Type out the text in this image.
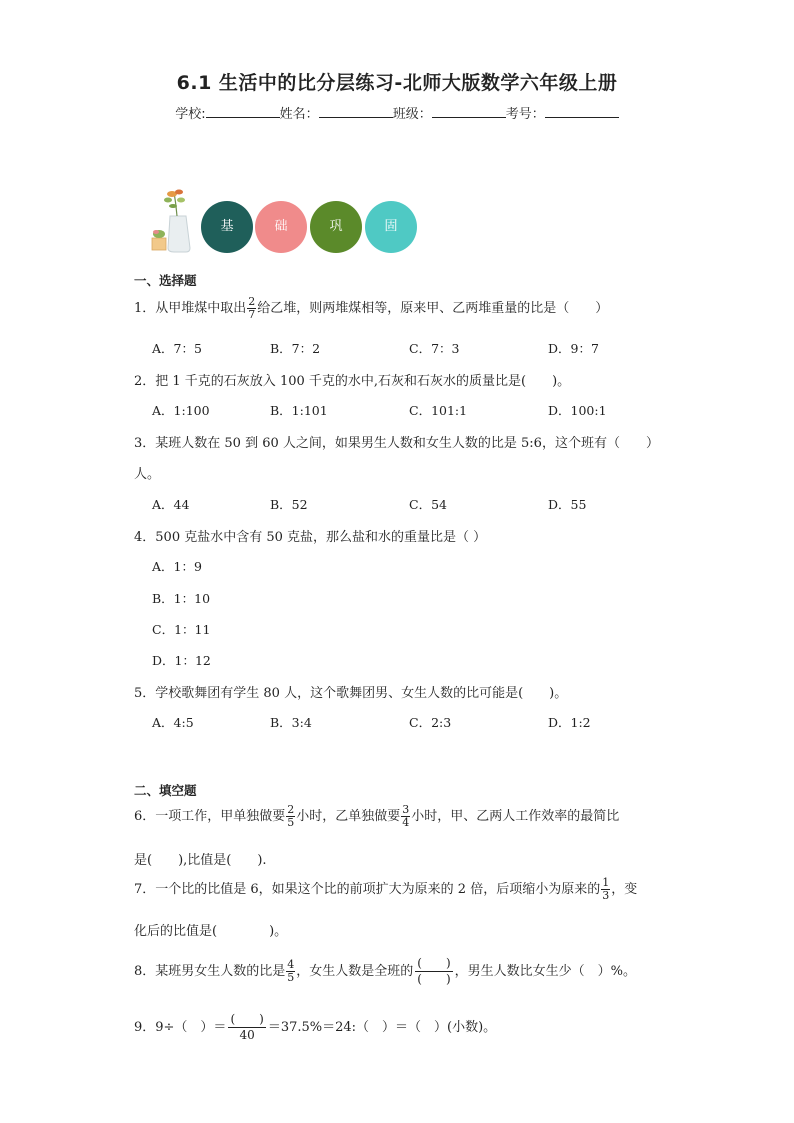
6.1 生活中的比分层练习-北师大版数学六年级上册
学校:	姓名：	班级：	考号：
基	础	巩	固
一、选择题
1．从甲堆煤中取出 $\frac{2}{7}$ 给乙堆，则两堆煤相等，原来甲、乙两堆重量的比是（　　）
A．7：5	B．7：2	C．7：3	D．9：7
2．把 1 千克的石灰放入 100 千克的水中,石灰和石灰水的质量比是(　　)。
A．1:100	B．1:101	C．101:1	D．100:1
3．某班人数在 50 到 60 人之间，如果男生人数和女生人数的比是 5:6，这个班有（　　）
人。
A．44	B．52	C．54	D．55
4．500 克盐水中含有 50 克盐，那么盐和水的重量比是（ ）
A．1：9
B．1：10
C．1：11
D．1：12
5．学校歌舞团有学生 80 人，这个歌舞团男、女生人数的比可能是(　　)。
A．4:5	B．3:4	C．2:3	D．1:2
二、填空题
6．一项工作，甲单独做要 $\frac{2}{5}$ 小时，乙单独做要 $\frac{3}{4}$ 小时，甲、乙两人工作效率的最简比
是(　　),比值是(　　).
7．一个比的比值是 6，如果这个比的前项扩大为原来的 2 倍，后项缩小为原来的 $\frac{1}{3}$ ，变
化后的比值是(　　　　)。
8．某班男女生人数的比是 $\frac{4}{5}$ ，女生人数是全班的
(　　)
(　　) ，男生人数比女生少（　）%。
9．9÷（　）＝
(　　)
40	＝37.5%＝24:（　）＝（　）(小数)。
